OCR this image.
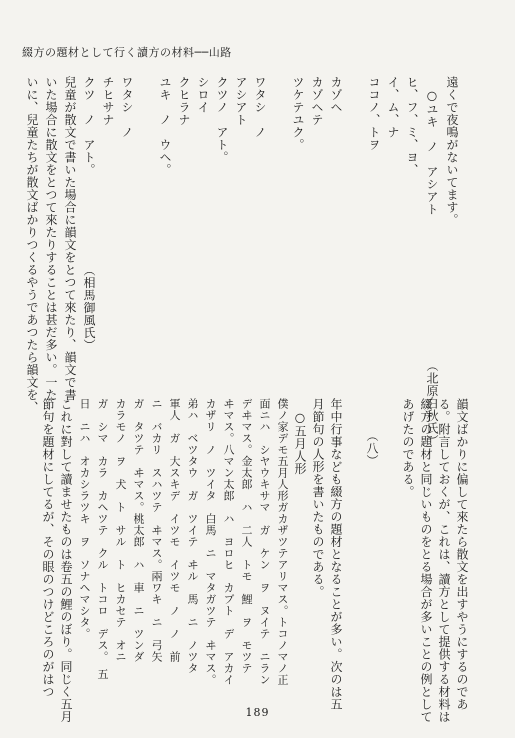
綴方の題材として行く讀方の材料──山路
遠くで夜鳴がないてます。
　○ユキ　ノ　アシアト　　　　　　　　　　　　（北原白秋氏）
ヒ、フ、ミ、ヨ、
イ、ム、ナ
ココノ、トヲ
カゾヘ
カゾヘテ
ツケテユク。
ワタシ　ノ
アシアト
クツノ　アト。
シロイ
クヒラナ
ユキ　ノ　ウヘ。
ワタシ　ノ
チヒサナ
クツ　ノ　アト。　　　　　　　　（相馬御風氏）
兒童が散文で書いた場合に韻文をとつて來たり、韻文で書
いた場合に散文をとつて來たりすることは甚だ多い。一た
いに、兒童たちが散文ばかりつくるやうであつたら韻文を、
韻文ばかりに偏して來たら散文を出すやうにするのであ
る。附言しておくが、これは、讀方として提供する材料は
綴方の題材と同じいものをとる場合が多いことの例として
あげたのである。
　　　（八）
年中行事なども綴方の題材となることが多い。次のは五
月節句の人形を書いたものである。
　○五月人形
僕ノ家デモ五月人形ガカザツテアリマス。トコノマノ正
面ニハ　シヤウキサマ　ガ　ケン　ヲ　ヌイテ　ニラン
デヰマス。金太郎　ハ　二人　トモ　鯉　ヲ　モツテ
ヰマス。八マン太郎　ハ　ヨロヒ　カブト　デ　アカイ
カザリ　ノ　ツイタ　白馬　ニ　マタガツテ　ヰマス。
弟ハ　ベツタウ　ガ　ツイテ　ヰル　馬　ニ　ノツタ
軍人　ガ　大スキデ　イツモ　イツモ　ノ　ノ　前
ニ　バカリ　スハツテ　ヰマス。兩ワキ　ニ　弓矢
ガ　タツテ　ヰマス。桃太郎　ハ　車　ニ　ツンダ
カラモノ　ヲ　犬　ト　サル　ト　ヒカセテ　オニ
ガ　シマ　カラ　カヘツテ　クル　トコロ　デス。　五
日　ニハ　オカシラツキ　ヲ　ソナヘマシタ。
これに對して讀ませたものは卷五の鯉のぼり。同じく五月
節句を題材にしてるが、その眼のつけどころのがはつ
189
